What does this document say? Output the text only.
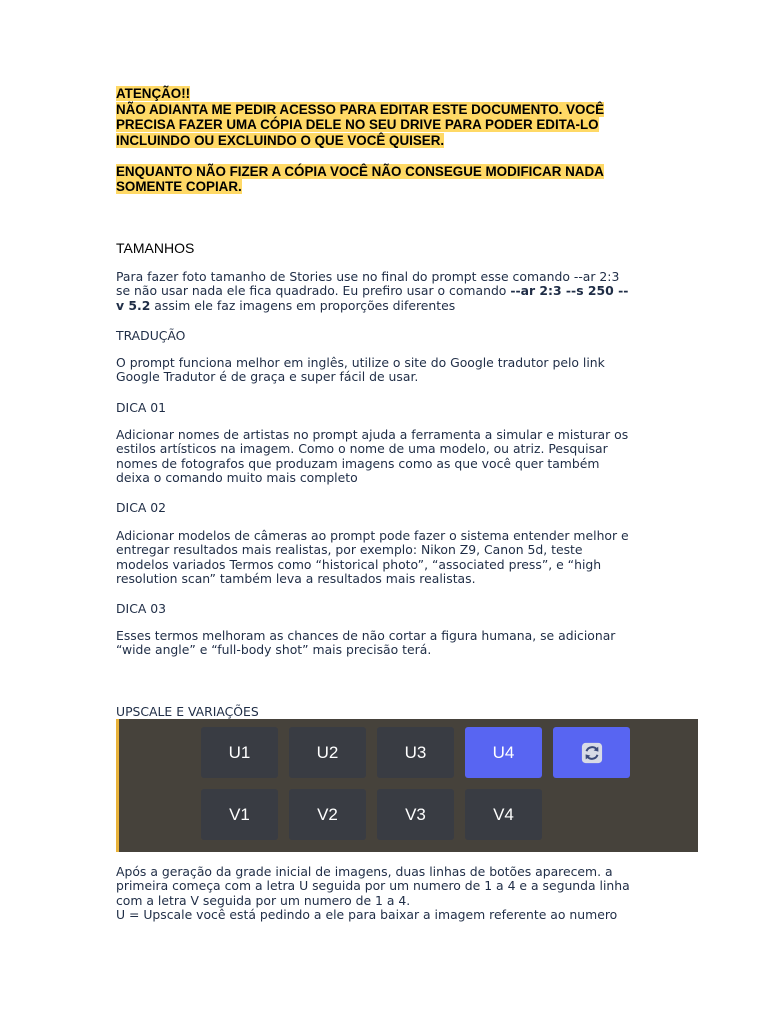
ATENÇÃO!!
NÃO ADIANTA ME PEDIR ACESSO PARA EDITAR ESTE DOCUMENTO. VOCÊ
PRECISA FAZER UMA CÓPIA DELE NO SEU DRIVE PARA PODER EDITA-LO
INCLUINDO OU EXCLUINDO O QUE VOCÊ QUISER.
ENQUANTO NÃO FIZER A CÓPIA VOCÊ NÃO CONSEGUE MODIFICAR NADA
SOMENTE COPIAR.
TAMANHOS
Para fazer foto tamanho de Stories use no final do prompt esse comando --ar 2:3
se não usar nada ele fica quadrado. Eu prefiro usar o comando --ar 2:3 --s 250 --
v 5.2 assim ele faz imagens em proporções diferentes
TRADUÇÃO
O prompt funciona melhor em inglês, utilize o site do Google tradutor pelo link
Google Tradutor é de graça e super fácil de usar.
DICA 01
Adicionar nomes de artistas no prompt ajuda a ferramenta a simular e misturar os
estilos artísticos na imagem. Como o nome de uma modelo, ou atriz. Pesquisar
nomes de fotografos que produzam imagens como as que você quer também
deixa o comando muito mais completo
DICA 02
Adicionar modelos de câmeras ao prompt pode fazer o sistema entender melhor e
entregar resultados mais realistas, por exemplo: Nikon Z9, Canon 5d, teste
modelos variados Termos como “historical photo”, “associated press”, e “high
resolution scan” também leva a resultados mais realistas.
DICA 03
Esses termos melhoram as chances de não cortar a figura humana, se adicionar
“wide angle” e “full-body shot” mais precisão terá.
UPSCALE E VARIAÇÕES
U1	U2	U3	U4
V1	V2	V3	V4
Após a geração da grade inicial de imagens, duas linhas de botões aparecem. a
primeira começa com a letra U seguida por um numero de 1 a 4 e a segunda linha
com a letra V seguida por um numero de 1 a 4.
U = Upscale você está pedindo a ele para baixar a imagem referente ao numero
